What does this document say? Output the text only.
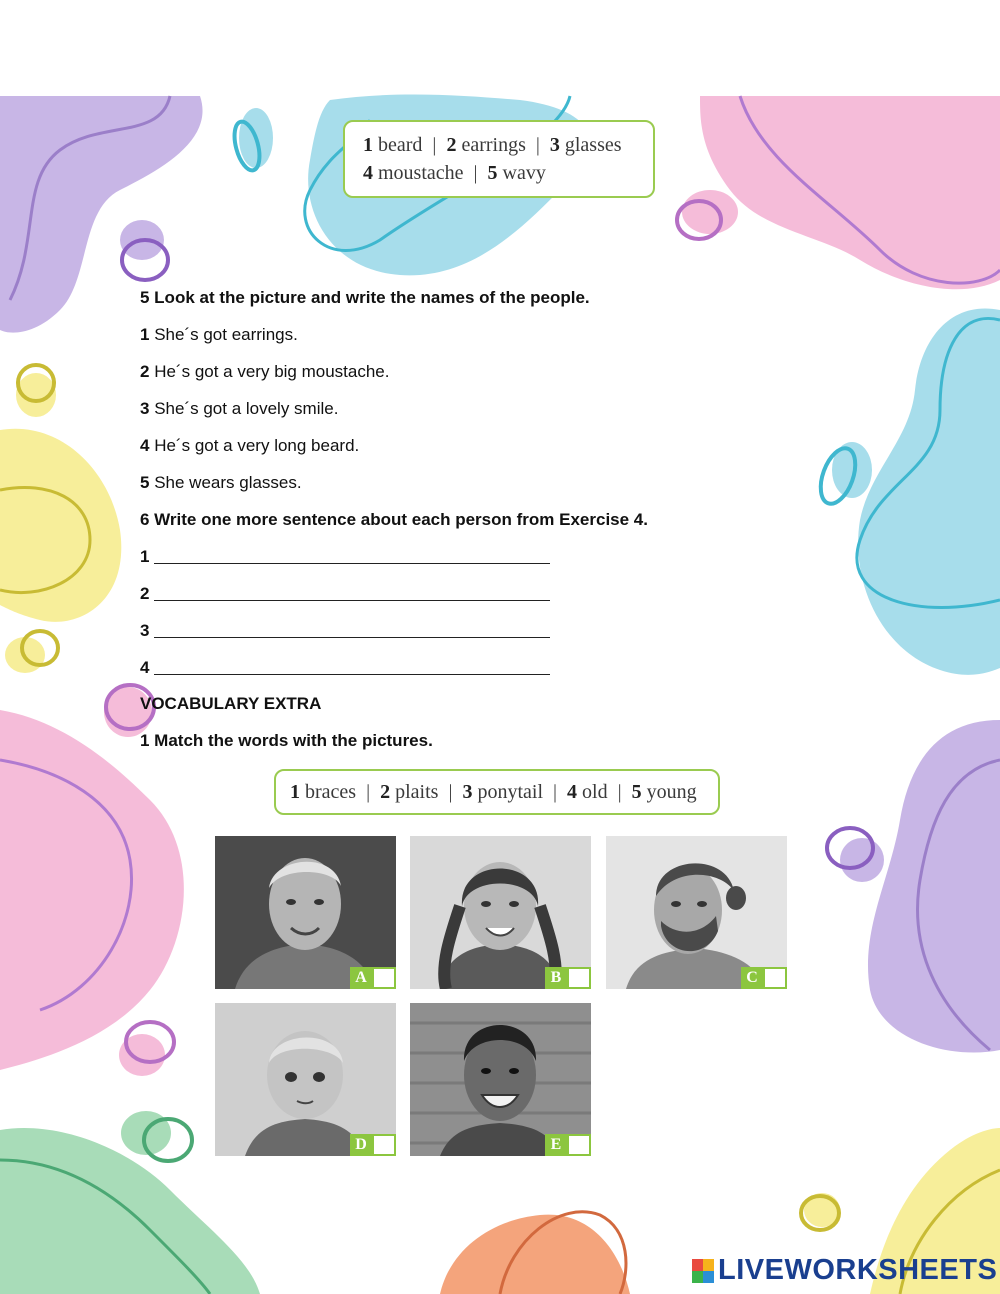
1 beard | 2 earrings | 3 glasses
4 moustache | 5 wavy
5 Look at the picture and write the names of the people.
1 She´s got earrings.
2 He´s got a very big moustache.
3 She´s got a lovely smile.
4 He´s got a very long beard.
5 She wears glasses.
6 Write one more sentence about each person from Exercise 4.
1
2
3
4
VOCABULARY EXTRA
1 Match the words with the pictures.
1 braces | 2 plaits | 3 ponytail | 4 old | 5 young
A	B	C
D	E
LIVEWORKSHEETS
